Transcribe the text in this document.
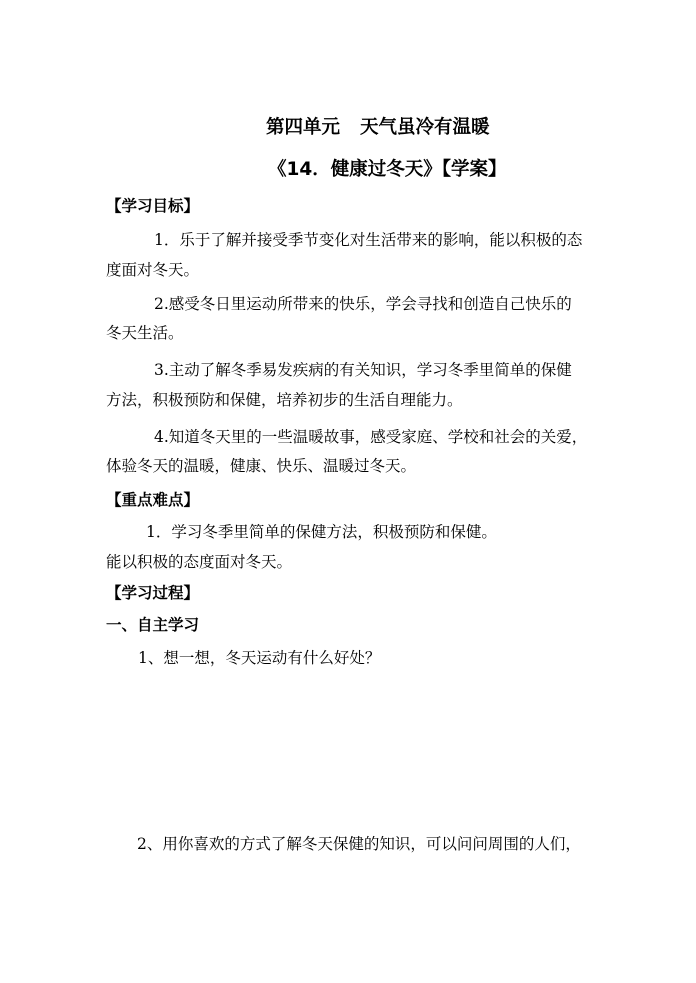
第四单元 天气虽冷有温暖
《14．健康过冬天》【学案】
【学习目标】
1．乐于了解并接受季节变化对生活带来的影响，能以积极的态
度面对冬天。
2.感受冬日里运动所带来的快乐，学会寻找和创造自己快乐的
冬天生活。
3.主动了解冬季易发疾病的有关知识，学习冬季里简单的保健
方法，积极预防和保健，培养初步的生活自理能力。
4.知道冬天里的一些温暖故事，感受家庭、学校和社会的关爱，
体验冬天的温暖，健康、快乐、温暖过冬天。
【重点难点】
1．学习冬季里简单的保健方法，积极预防和保健。
能以积极的态度面对冬天。
【学习过程】
一、自主学习
1、想一想，冬天运动有什么好处？
2、用你喜欢的方式了解冬天保健的知识，可以问问周围的人们，
